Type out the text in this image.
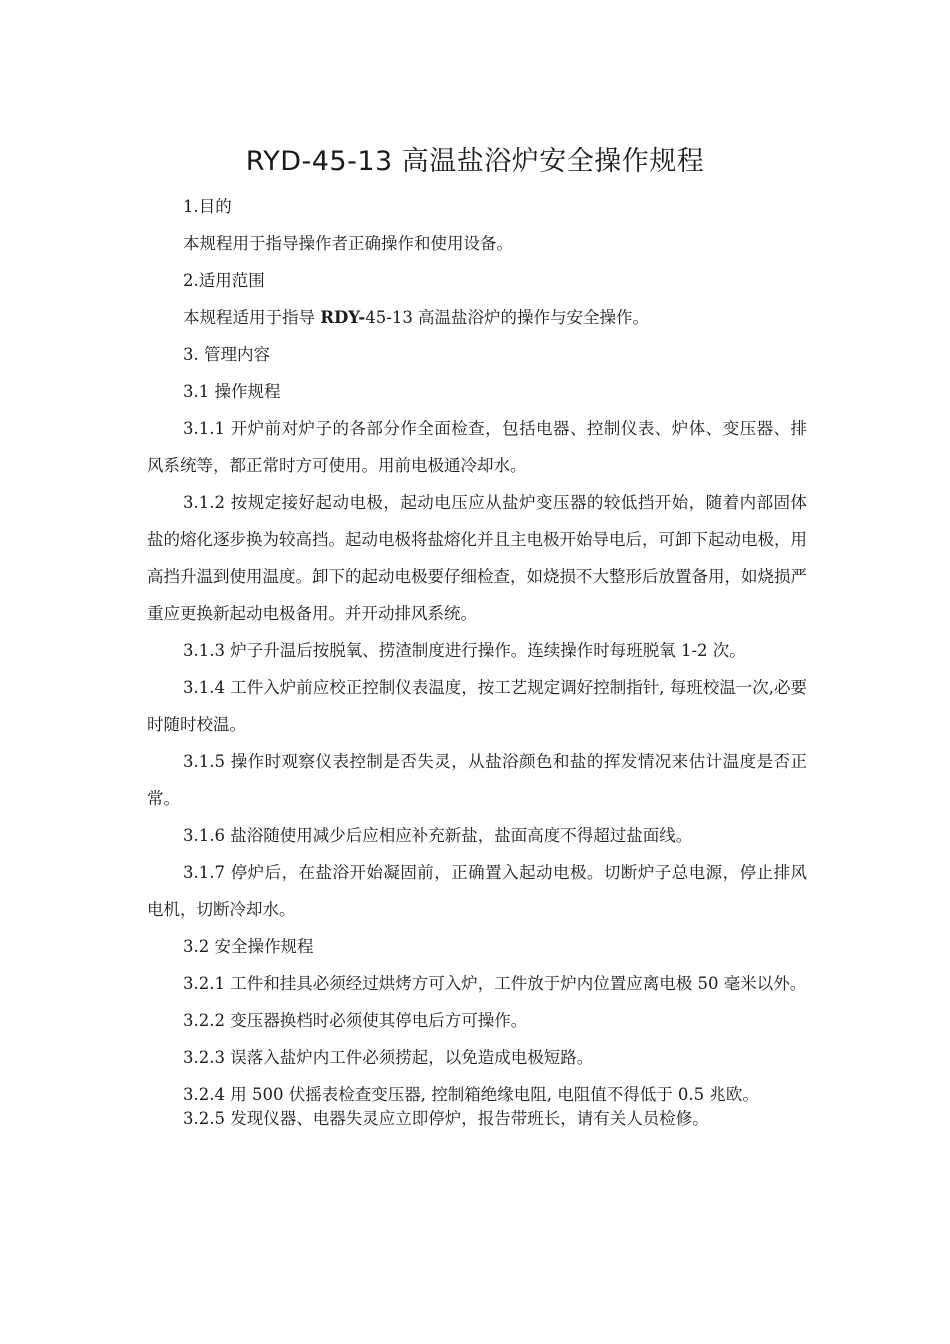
RYD-45-13 高温盐浴炉安全操作规程

1.目的

本规程用于指导操作者正确操作和使用设备。

2.适用范围

本规程适用于指导 RDY-45-13 高温盐浴炉的操作与安全操作。

3. 管理内容

3.1 操作规程

3.1.1 开炉前对炉子的各部分作全面检查，包括电器、控制仪表、炉体、变压器、排风系统等，都正常时方可使用。用前电极通冷却水。

3.1.2 按规定接好起动电极，起动电压应从盐炉变压器的较低挡开始，随着内部固体盐的熔化逐步换为较高挡。起动电极将盐熔化并且主电极开始导电后，可卸下起动电极，用高挡升温到使用温度。卸下的起动电极要仔细检查，如烧损不大整形后放置备用，如烧损严重应更换新起动电极备用。并开动排风系统。

3.1.3 炉子升温后按脱氧、捞渣制度进行操作。连续操作时每班脱氧 1-2 次。

3.1.4 工件入炉前应校正控制仪表温度，按工艺规定调好控制指针, 每班校温一次,必要时随时校温。

3.1.5 操作时观察仪表控制是否失灵，从盐浴颜色和盐的挥发情况来估计温度是否正常。

3.1.6 盐浴随使用减少后应相应补充新盐，盐面高度不得超过盐面线。

3.1.7 停炉后，在盐浴开始凝固前，正确置入起动电极。切断炉子总电源，停止排风电机，切断冷却水。

3.2 安全操作规程

3.2.1 工件和挂具必须经过烘烤方可入炉，工件放于炉内位置应离电极 50 毫米以外。

3.2.2 变压器换档时必须使其停电后方可操作。

3.2.3 误落入盐炉内工件必须捞起，以免造成电极短路。

3.2.4 用 500 伏摇表检查变压器, 控制箱绝缘电阻, 电阻值不得低于 0.5 兆欧。

3.2.5 发现仪器、电器失灵应立即停炉，报告带班长，请有关人员检修。
